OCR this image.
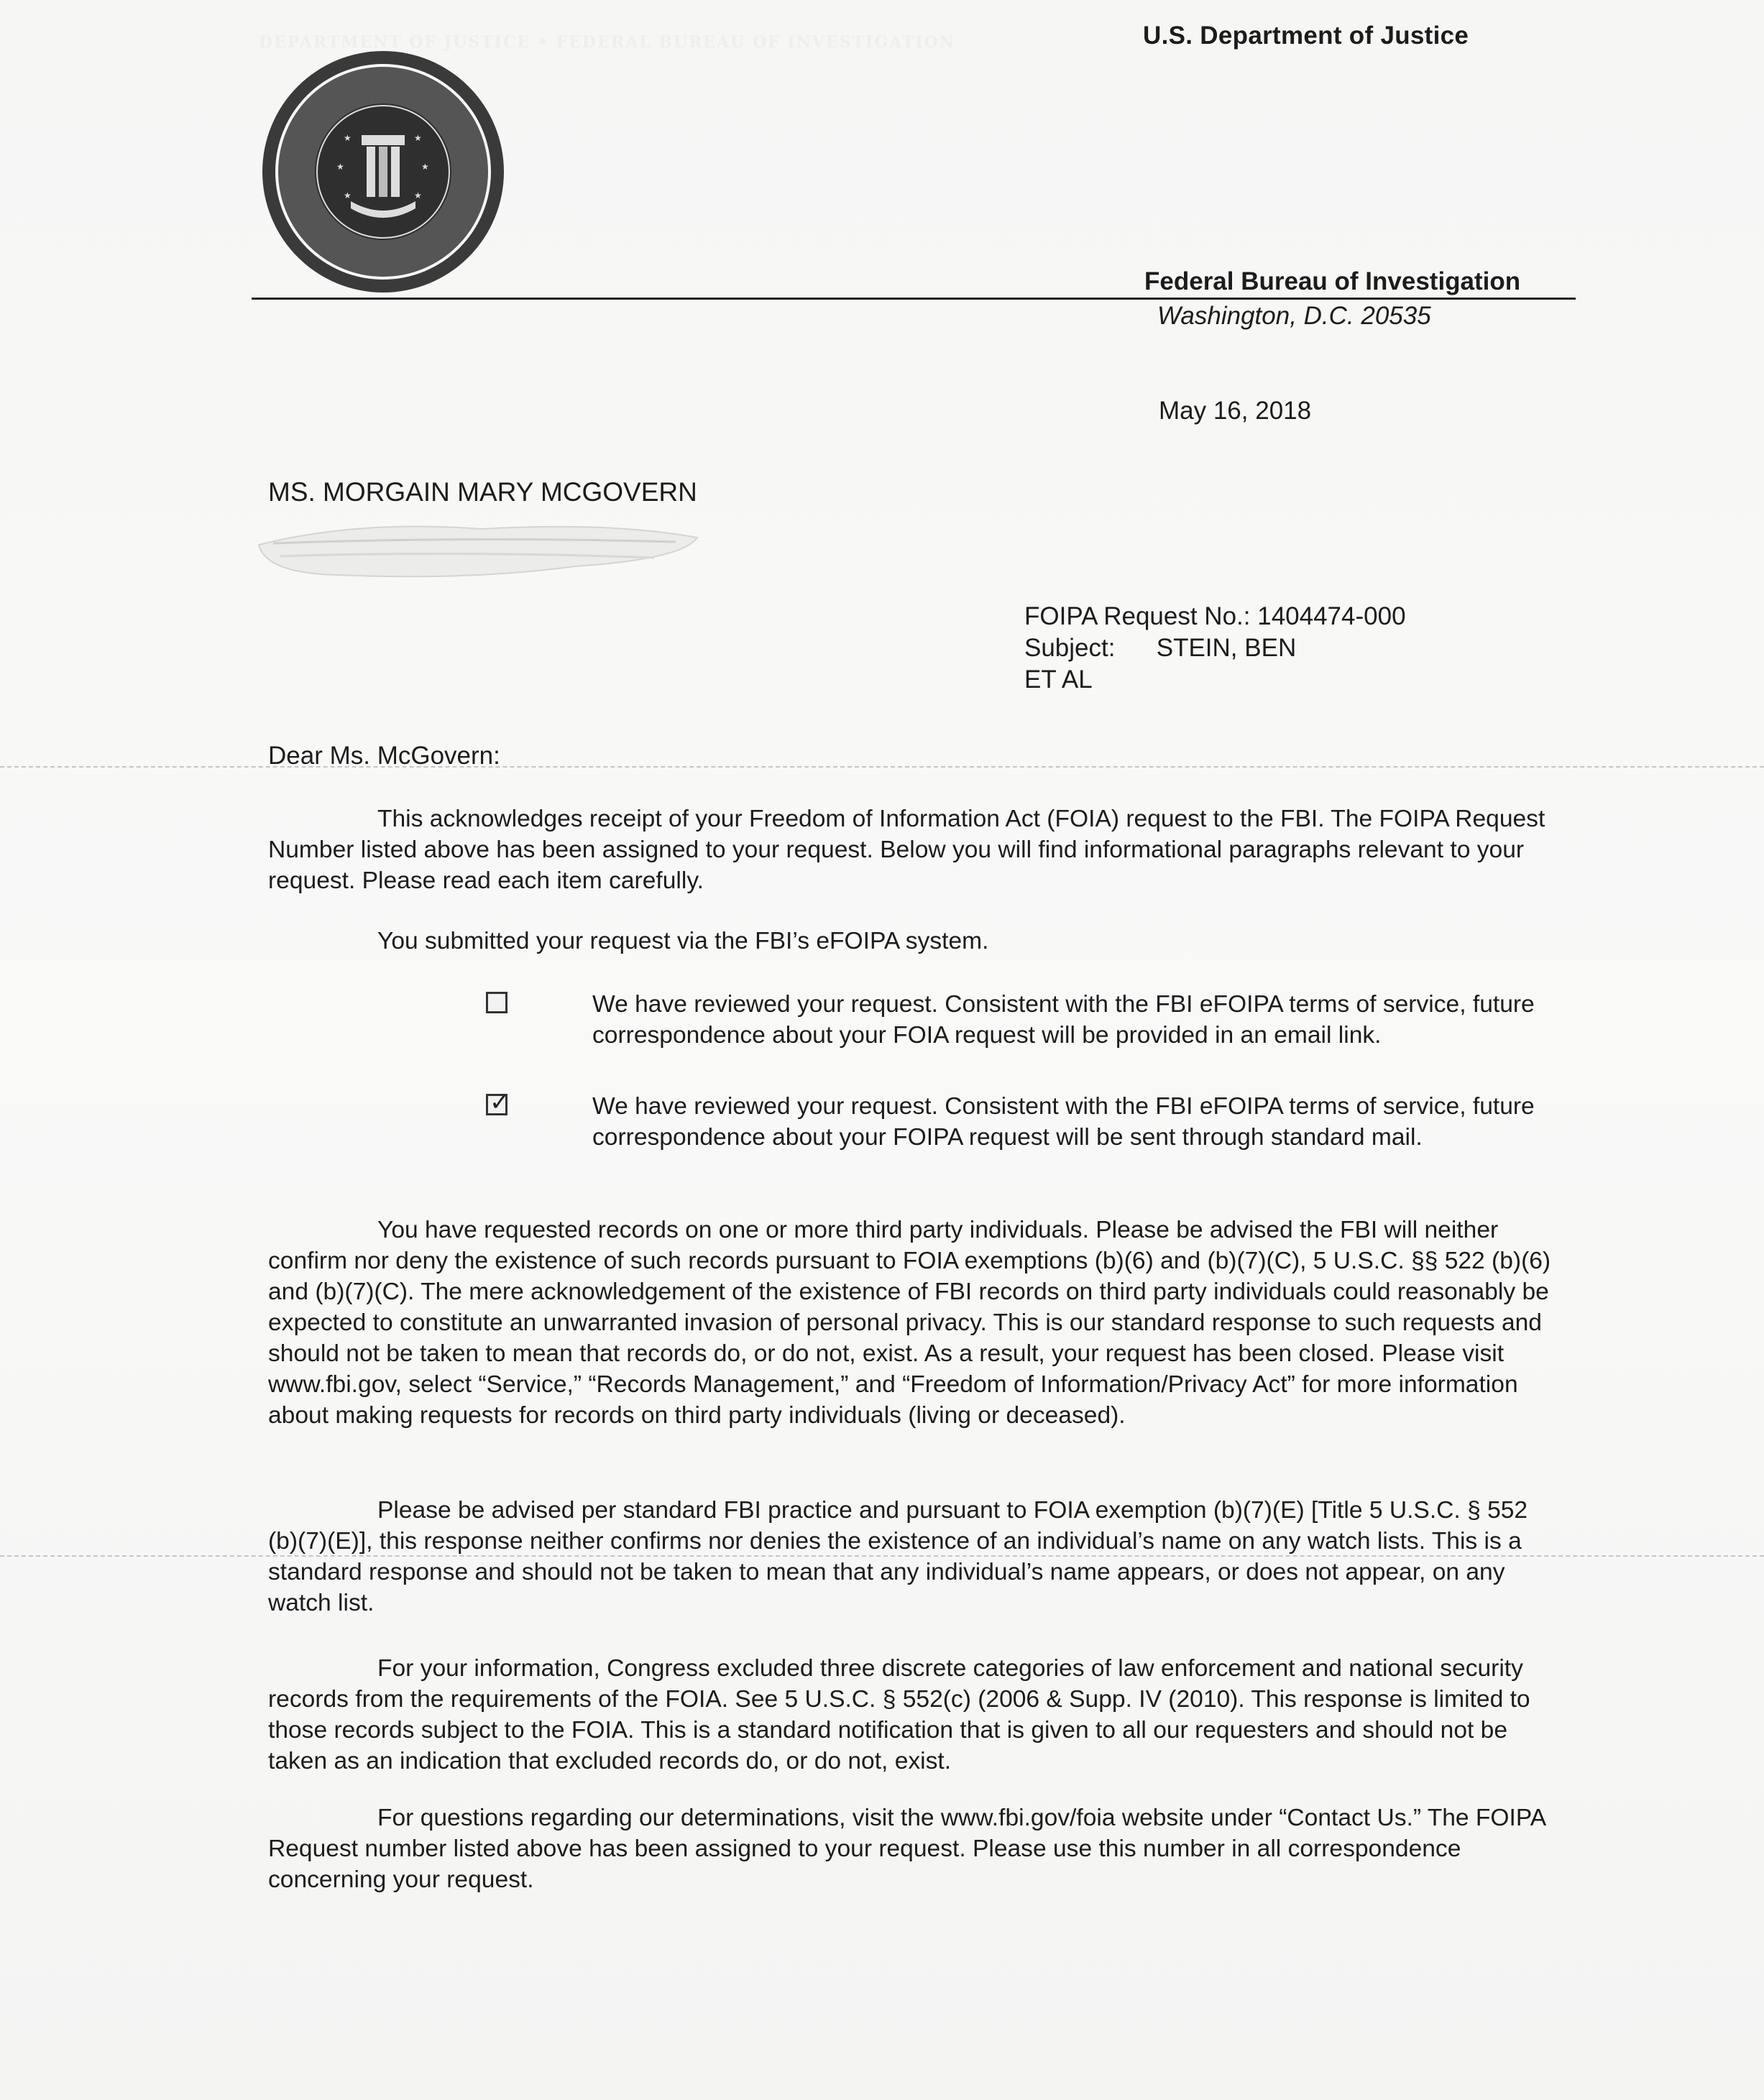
DEPARTMENT OF JUSTICE • FEDERAL BUREAU OF INVESTIGATION
★	★
★	★
★	★
U.S. Department of Justice
Federal Bureau of Investigation
Washington, D.C. 20535
May 16, 2018
MS. MORGAIN MARY MCGOVERN
FOIPA Request No.: 1404474-000
Subject: STEIN, BEN
ET AL
Dear Ms. McGovern:
This acknowledges receipt of your Freedom of Information Act (FOIA) request to the FBI. The FOIPA Request Number listed above has been assigned to your request. Below you will find informational paragraphs relevant to your request. Please read each item carefully.
You submitted your request via the FBI’s eFOIPA system.
We have reviewed your request. Consistent with the FBI eFOIPA terms of service, future correspondence about your FOIA request will be provided in an email link.
✓	We have reviewed your request. Consistent with the FBI eFOIPA terms of service, future correspondence about your FOIPA request will be sent through standard mail.
You have requested records on one or more third party individuals. Please be advised the FBI will neither confirm nor deny the existence of such records pursuant to FOIA exemptions (b)(6) and (b)(7)(C), 5 U.S.C. §§ 522 (b)(6) and (b)(7)(C). The mere acknowledgement of the existence of FBI records on third party individuals could reasonably be expected to constitute an unwarranted invasion of personal privacy. This is our standard response to such requests and should not be taken to mean that records do, or do not, exist. As a result, your request has been closed. Please visit www.fbi.gov, select “Service,” “Records Management,” and “Freedom of Information/Privacy Act” for more information about making requests for records on third party individuals (living or deceased).
Please be advised per standard FBI practice and pursuant to FOIA exemption (b)(7)(E) [Title 5 U.S.C. § 552 (b)(7)(E)], this response neither confirms nor denies the existence of an individual’s name on any watch lists. This is a standard response and should not be taken to mean that any individual’s name appears, or does not appear, on any watch list.
For your information, Congress excluded three discrete categories of law enforcement and national security records from the requirements of the FOIA. See 5 U.S.C. § 552(c) (2006 & Supp. IV (2010). This response is limited to those records subject to the FOIA. This is a standard notification that is given to all our requesters and should not be taken as an indication that excluded records do, or do not, exist.
For questions regarding our determinations, visit the www.fbi.gov/foia website under “Contact Us.” The FOIPA Request number listed above has been assigned to your request. Please use this number in all correspondence concerning your request.
